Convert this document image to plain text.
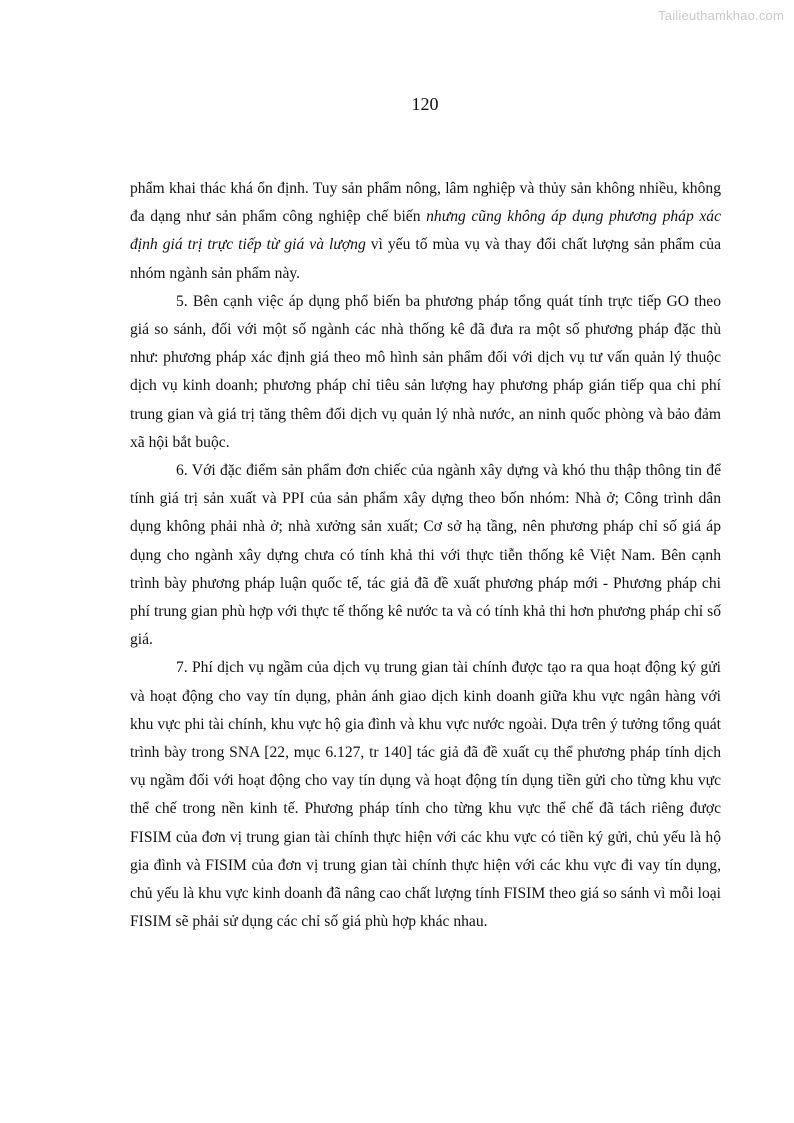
Tailieuthamkhao.com
120

phẩm khai thác khá ổn định. Tuy sản phẩm nông, lâm nghiệp và thủy sản không nhiều, không đa dạng như sản phẩm công nghiệp chế biến nhưng cũng không áp dụng phương pháp xác định giá trị trực tiếp từ giá và lượng vì yếu tố mùa vụ và thay đổi chất lượng sản phẩm của nhóm ngành sản phẩm này.

5. Bên cạnh việc áp dụng phổ biến ba phương pháp tổng quát tính trực tiếp GO theo giá so sánh, đối với một số ngành các nhà thống kê đã đưa ra một số phương pháp đặc thù như: phương pháp xác định giá theo mô hình sản phẩm đối với dịch vụ tư vấn quản lý thuộc dịch vụ kinh doanh; phương pháp chỉ tiêu sản lượng hay phương pháp gián tiếp qua chi phí trung gian và giá trị tăng thêm đối dịch vụ quản lý nhà nước, an ninh quốc phòng và bảo đảm xã hội bắt buộc.

6. Với đặc điểm sản phẩm đơn chiếc của ngành xây dựng và khó thu thập thông tin để tính giá trị sản xuất và PPI của sản phẩm xây dựng theo bốn nhóm: Nhà ở; Công trình dân dụng không phải nhà ở; nhà xưởng sản xuất; Cơ sở hạ tầng, nên phương pháp chỉ số giá áp dụng cho ngành xây dựng chưa có tính khả thi với thực tiễn thống kê Việt Nam. Bên cạnh trình bày phương pháp luận quốc tế, tác giả đã đề xuất phương pháp mới - Phương pháp chi phí trung gian phù hợp với thực tế thống kê nước ta và có tính khả thi hơn phương pháp chỉ số giá.

7. Phí dịch vụ ngầm của dịch vụ trung gian tài chính được tạo ra qua hoạt động ký gửi và hoạt động cho vay tín dụng, phản ánh giao dịch kinh doanh giữa khu vực ngân hàng với khu vực phi tài chính, khu vực hộ gia đình và khu vực nước ngoài. Dựa trên ý tưởng tổng quát trình bày trong SNA [22, mục 6.127, tr 140] tác giả đã đề xuất cụ thể phương pháp tính dịch vụ ngầm đối với hoạt động cho vay tín dụng và hoạt động tín dụng tiền gửi cho từng khu vực thể chế trong nền kinh tế. Phương pháp tính cho từng khu vực thể chế đã tách riêng được FISIM của đơn vị trung gian tài chính thực hiện với các khu vực có tiền ký gửi, chủ yếu là hộ gia đình và FISIM của đơn vị trung gian tài chính thực hiện với các khu vực đi vay tín dụng, chủ yếu là khu vực kinh doanh đã nâng cao chất lượng tính FISIM theo giá so sánh vì mỗi loại FISIM sẽ phải sử dụng các chỉ số giá phù hợp khác nhau.
